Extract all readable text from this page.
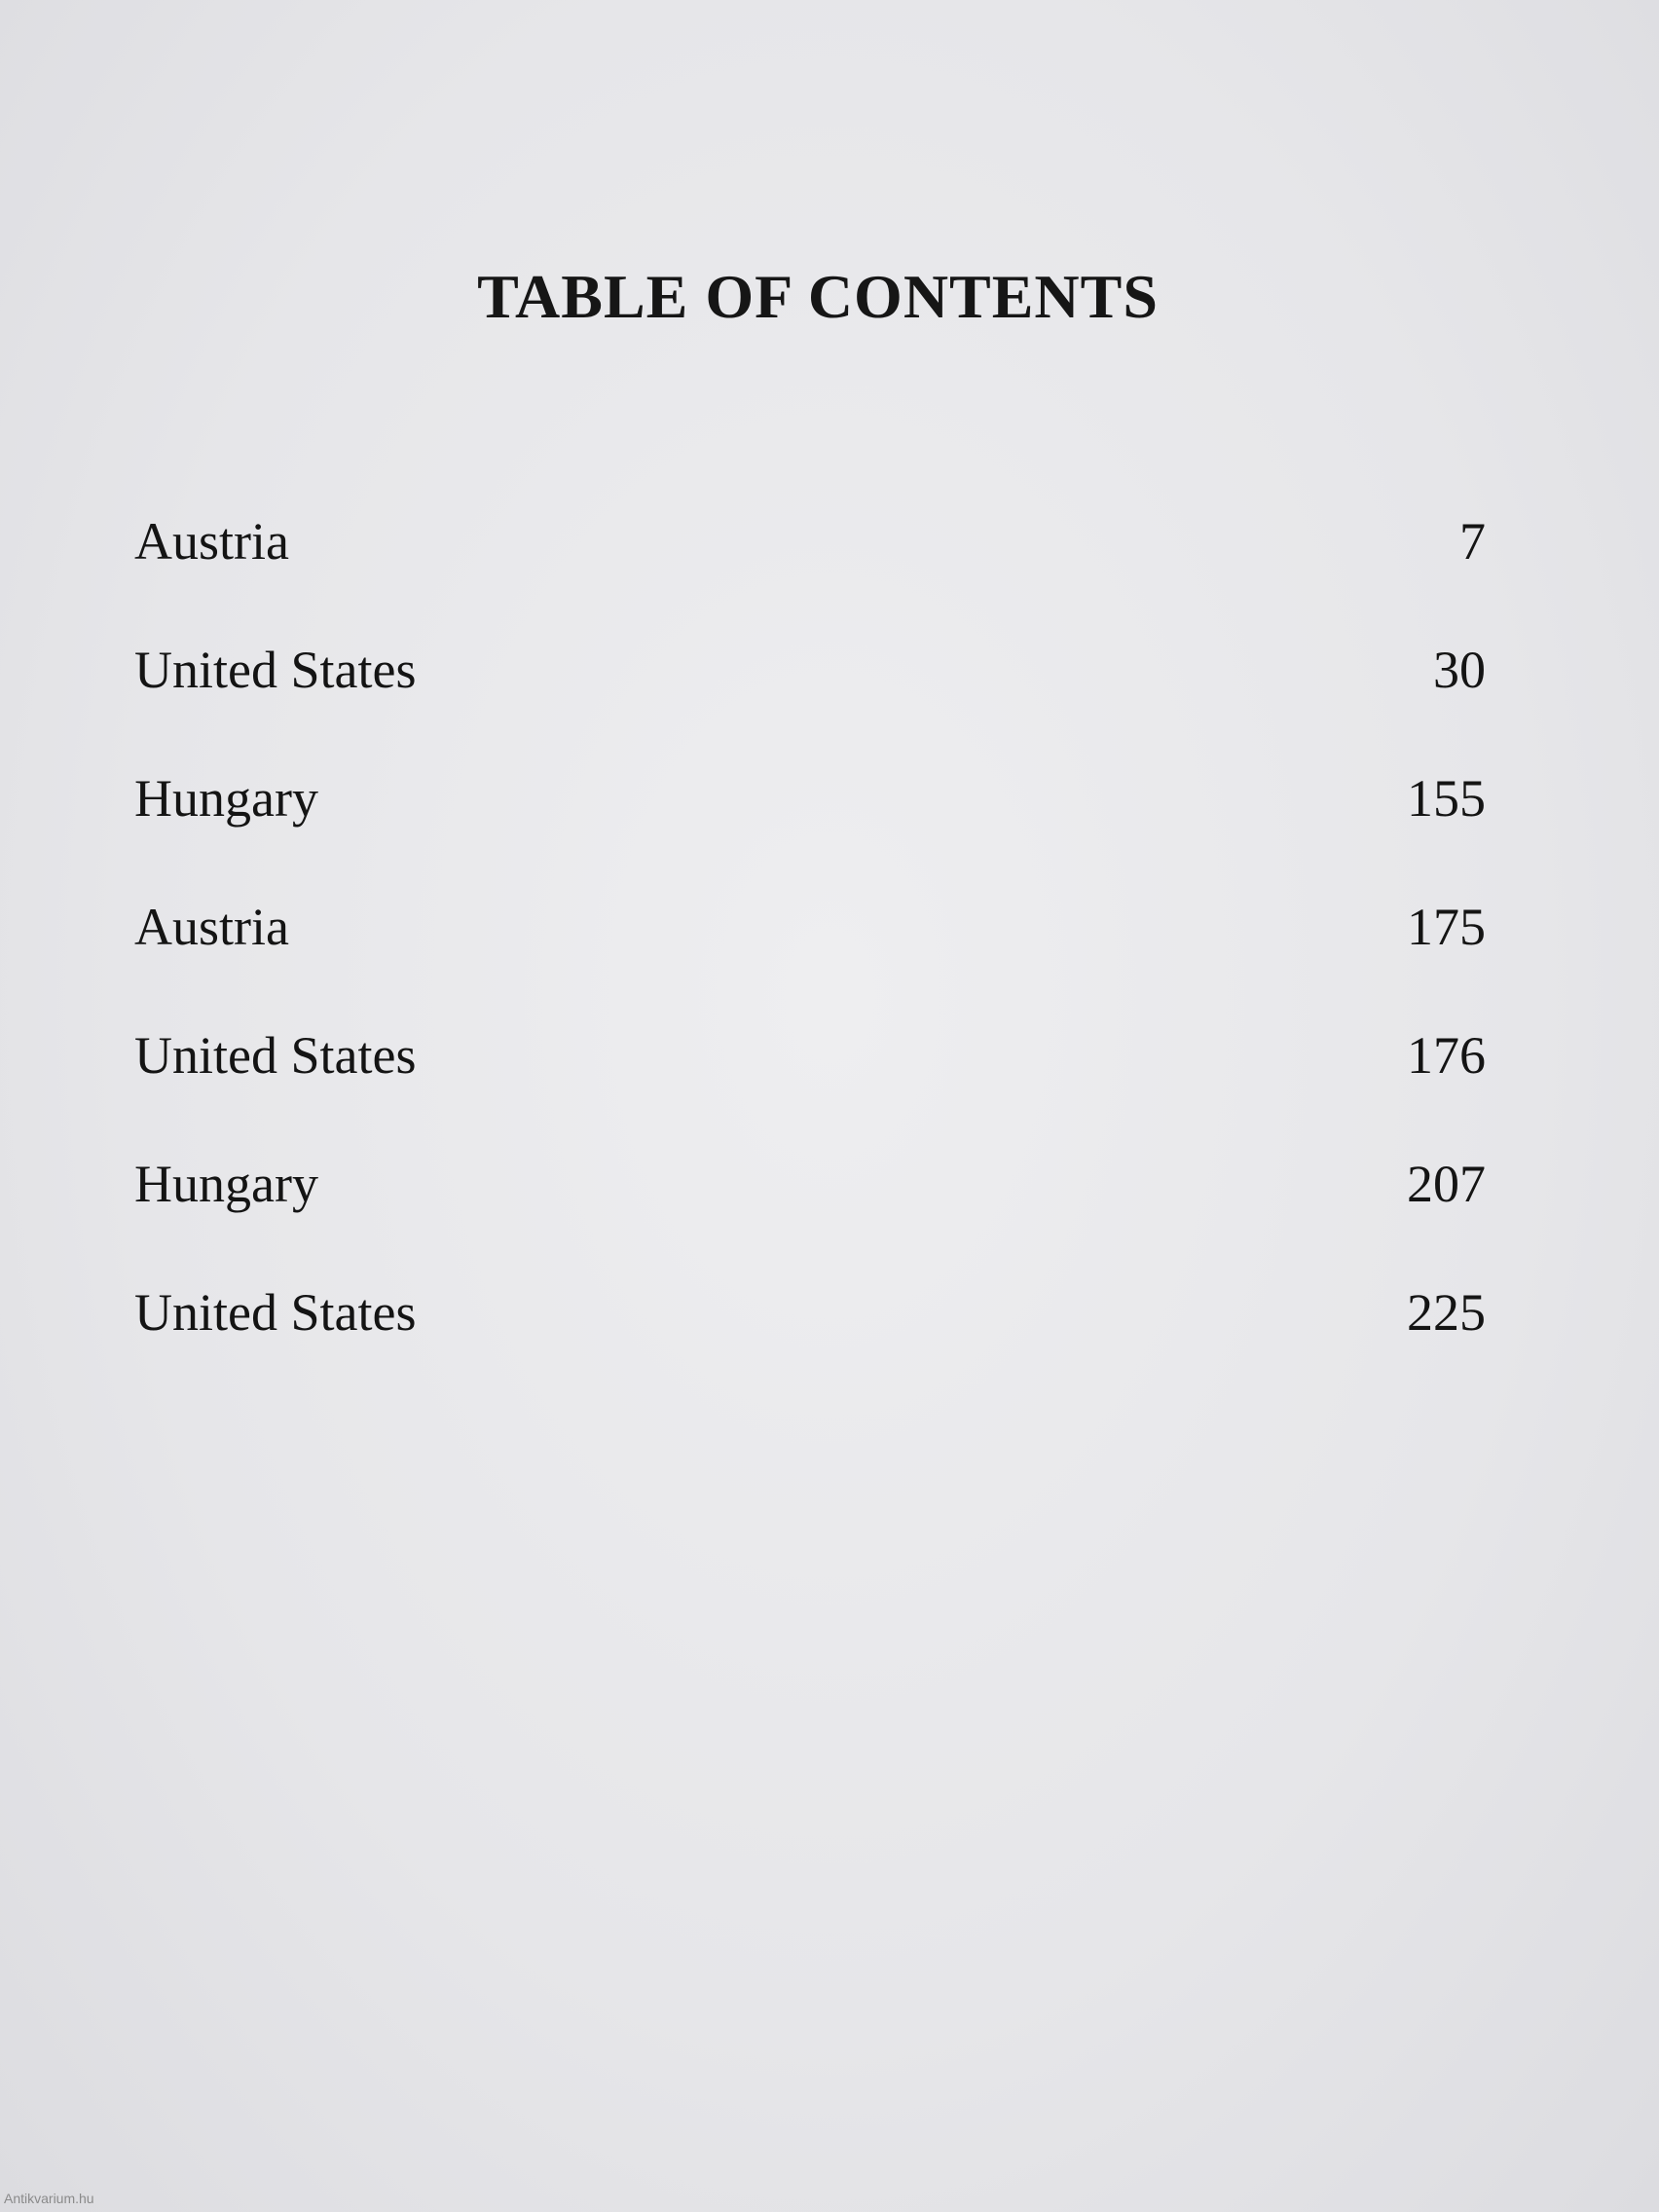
TABLE OF CONTENTS
Austria	7
United States	30
Hungary	155
Austria	175
United States	176
Hungary	207
United States	225
Antikvarium.hu
